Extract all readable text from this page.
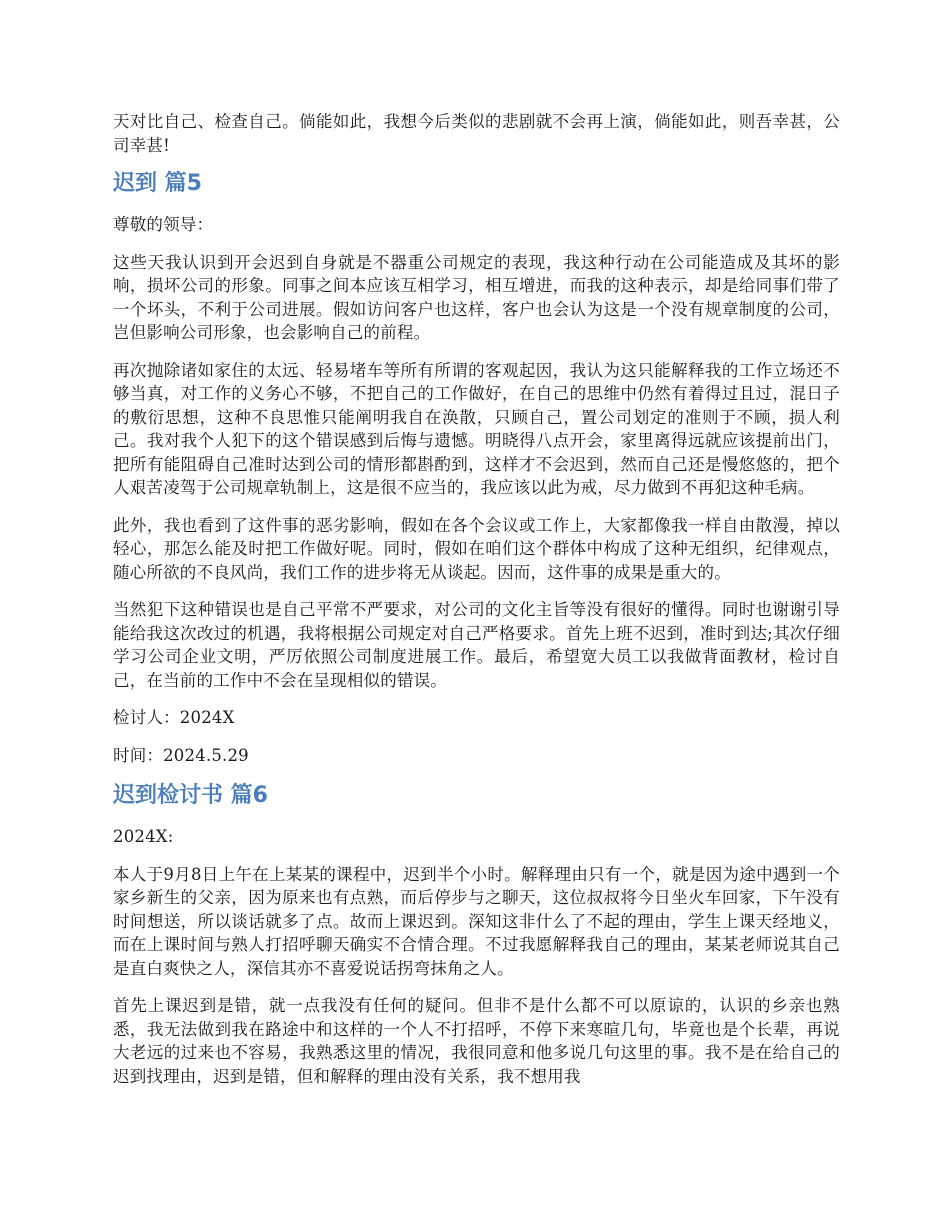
天对比自己、检查自己。倘能如此，我想今后类似的悲剧就不会再上演，倘能如此，则吾幸甚，公司幸甚!

迟到 篇5

尊敬的领导：

这些天我认识到开会迟到自身就是不器重公司规定的表现，我这种行动在公司能造成及其坏的影响，损坏公司的形象。同事之间本应该互相学习，相互增进，而我的这种表示，却是给同事们带了一个坏头，不利于公司进展。假如访问客户也这样，客户也会认为这是一个没有规章制度的公司，岂但影响公司形象，也会影响自己的前程。

再次抛除诸如家住的太远、轻易堵车等所有所谓的客观起因，我认为这只能解释我的工作立场还不够当真，对工作的义务心不够，不把自己的工作做好，在自己的思维中仍然有着得过且过，混日子的敷衍思想，这种不良思惟只能阐明我自在涣散，只顾自己，置公司划定的准则于不顾，损人利己。我对我个人犯下的这个错误感到后悔与遗憾。明晓得八点开会，家里离得远就应该提前出门，把所有能阻碍自己准时达到公司的情形都斟酌到，这样才不会迟到，然而自己还是慢悠悠的，把个人艰苦凌驾于公司规章轨制上，这是很不应当的，我应该以此为戒，尽力做到不再犯这种毛病。

此外，我也看到了这件事的恶劣影响，假如在各个会议或工作上，大家都像我一样自由散漫，掉以轻心，那怎么能及时把工作做好呢。同时，假如在咱们这个群体中构成了这种无组织，纪律观点，随心所欲的不良风尚，我们工作的进步将无从谈起。因而，这件事的成果是重大的。

当然犯下这种错误也是自己平常不严要求，对公司的文化主旨等没有很好的懂得。同时也谢谢引导能给我这次改过的机遇，我将根据公司规定对自己严格要求。首先上班不迟到，准时到达;其次仔细学习公司企业文明，严厉依照公司制度进展工作。最后，希望宽大员工以我做背面教材，检讨自己，在当前的工作中不会在呈现相似的错误。

检讨人：2024X

时间：2024.5.29

迟到检讨书 篇6

2024X:

本人于9月8日上午在上某某的课程中，迟到半个小时。解释理由只有一个，就是因为途中遇到一个家乡新生的父亲，因为原来也有点熟，而后停步与之聊天，这位叔叔将今日坐火车回家，下午没有时间想送，所以谈话就多了点。故而上课迟到。深知这非什么了不起的理由，学生上课天经地义，而在上课时间与熟人打招呼聊天确实不合情合理。不过我愿解释我自己的理由，某某老师说其自己是直白爽快之人，深信其亦不喜爱说话拐弯抹角之人。

首先上课迟到是错，就一点我没有任何的疑问。但非不是什么都不可以原谅的，认识的乡亲也熟悉，我无法做到我在路途中和这样的一个人不打招呼，不停下来寒暄几句，毕竟也是个长辈，再说大老远的过来也不容易，我熟悉这里的情况，我很同意和他多说几句这里的事。我不是在给自己的迟到找理由，迟到是错，但和解释的理由没有关系，我不想用我
